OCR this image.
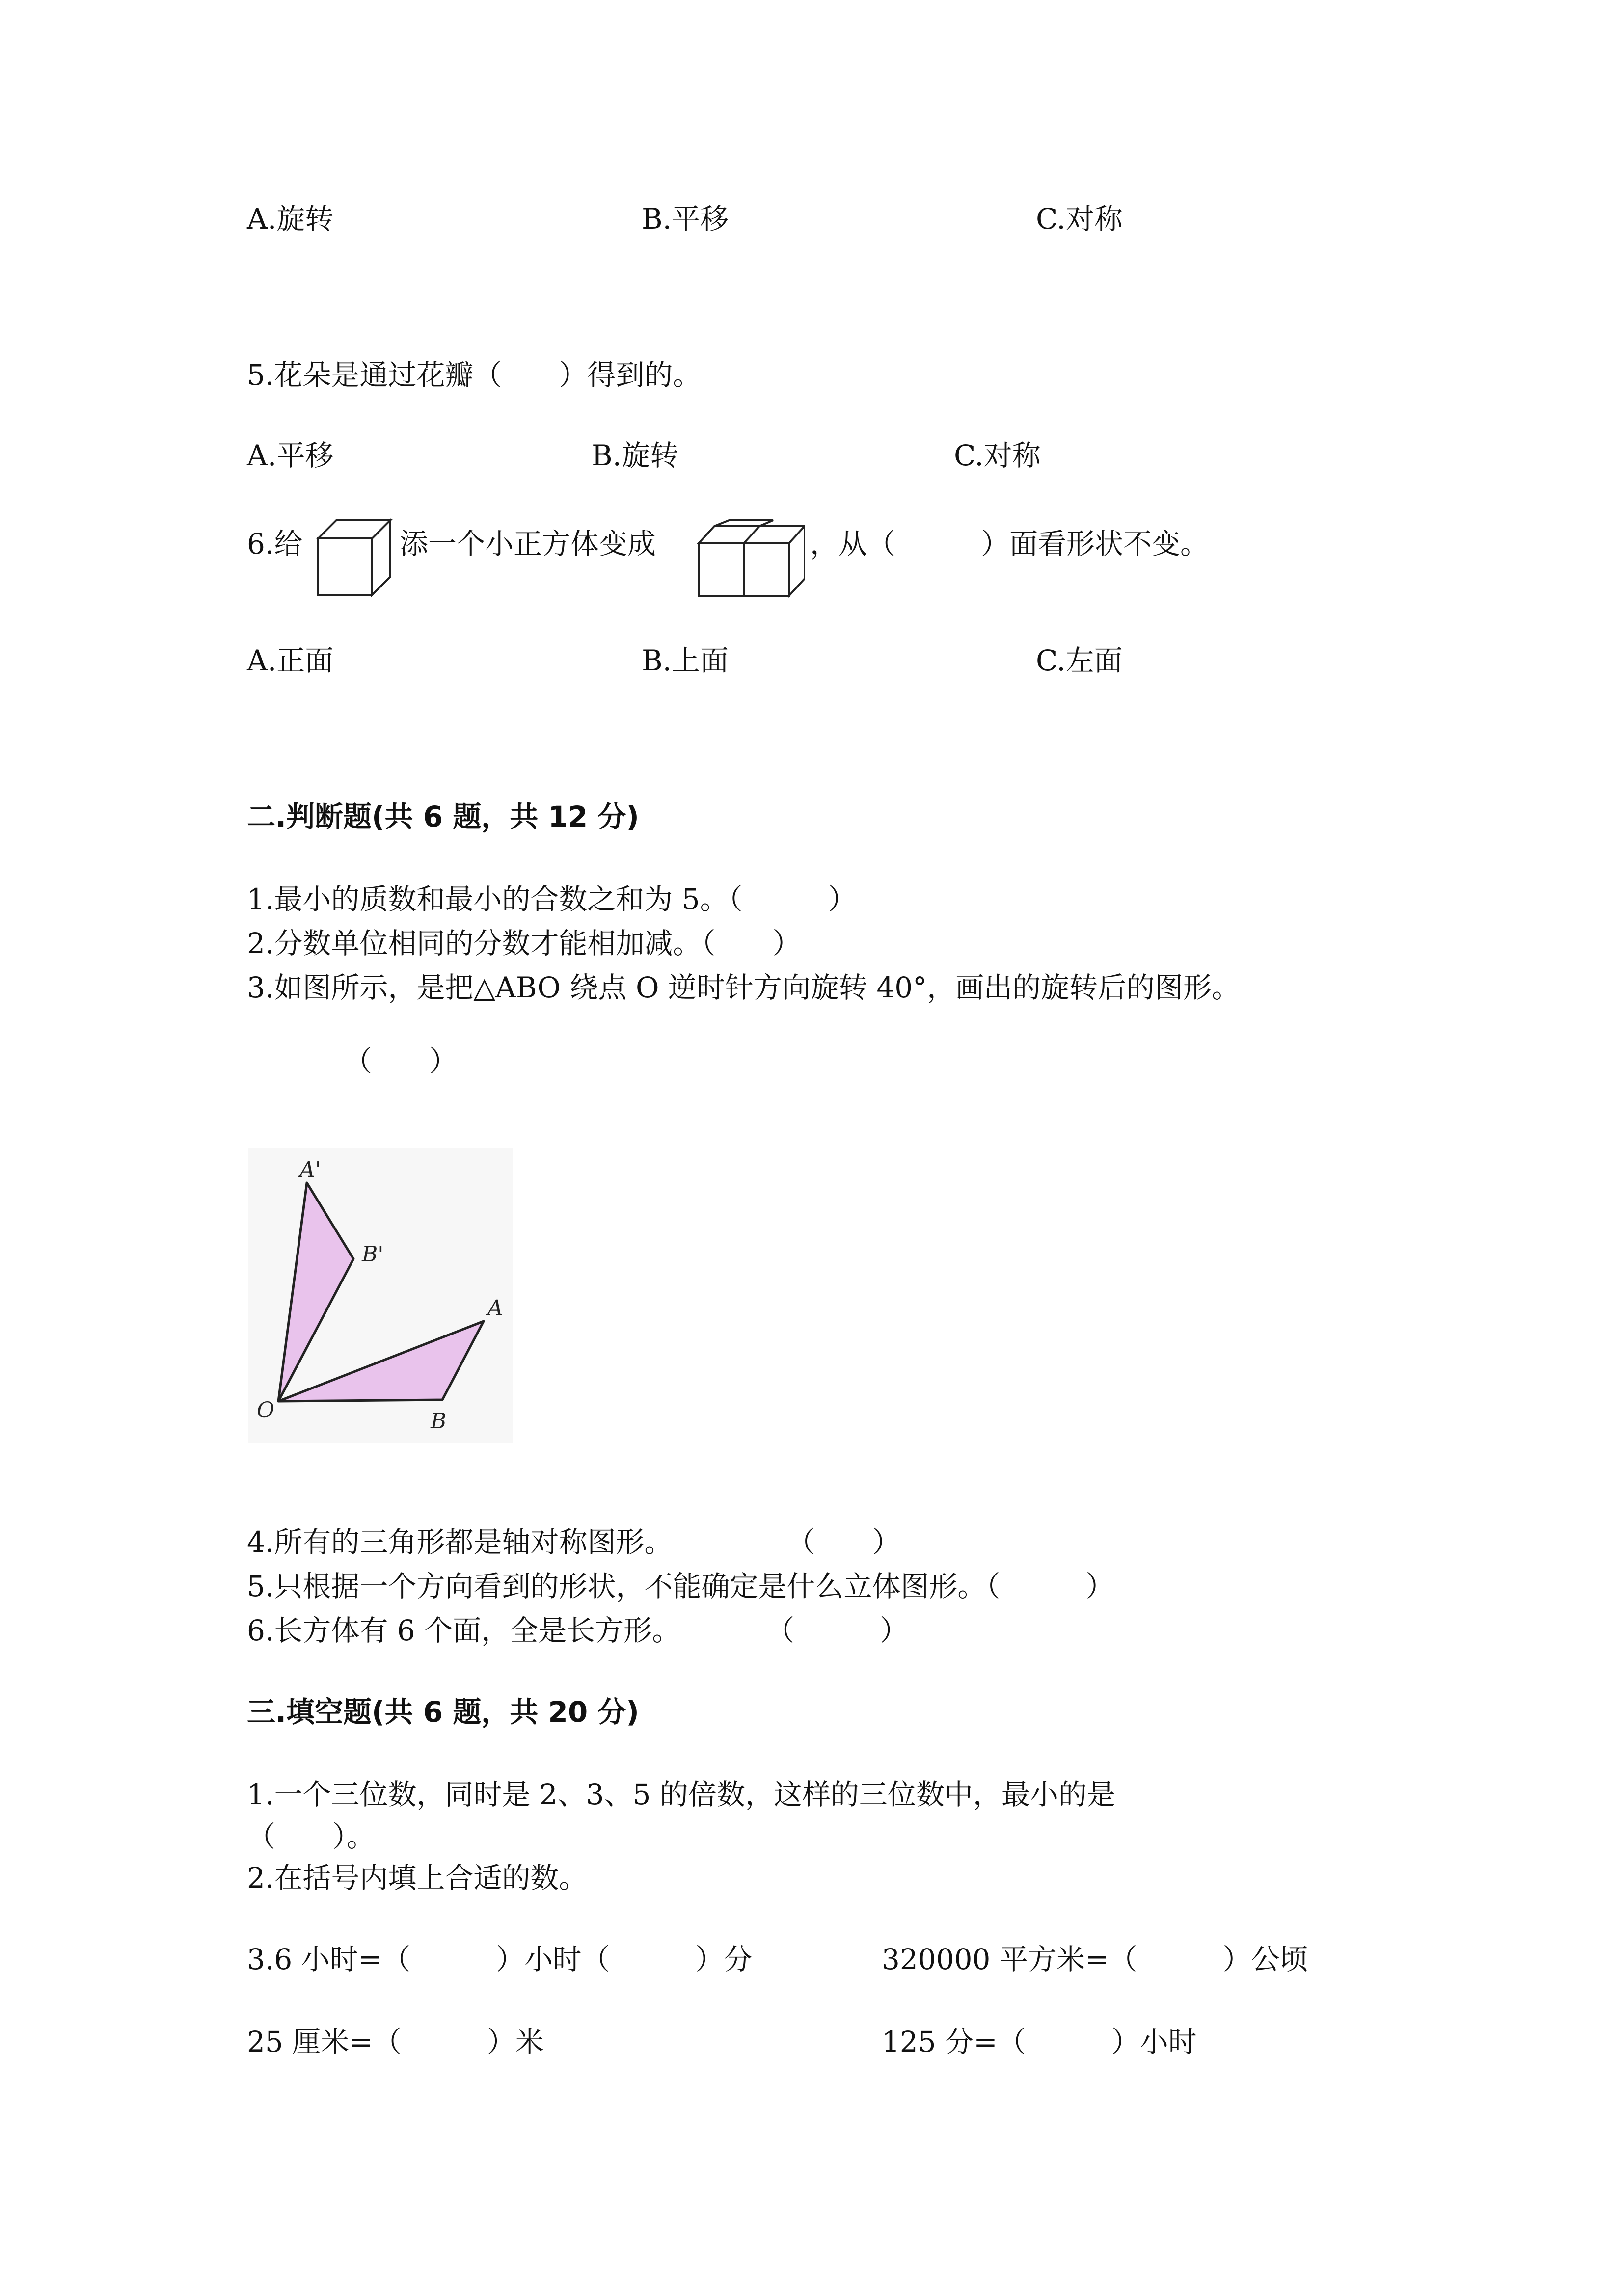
A.旋转	B.平移	C.对称
5.花朵是通过花瓣（　　）得到的。
A.平移	B.旋转	C.对称
6.给	添一个小正方体变成	，从（　　　）面看形状不变。
A.正面	B.上面	C.左面
二.判断题(共 6 题，共 12 分)
1.最小的质数和最小的合数之和为 5。（　　　）
2.分数单位相同的分数才能相加减。（　　）
3.如图所示，是把△ABO 绕点 O 逆时针方向旋转 40°，画出的旋转后的图形。
（　　）
A'
B'
A
B
O
4.所有的三角形都是轴对称图形。　　　　　（　　）
5.只根据一个方向看到的形状，不能确定是什么立体图形。（　　　）
6.长方体有 6 个面，全是长方形。　　　　（　　　）
三.填空题(共 6 题，共 20 分)
1.一个三位数，同时是 2、3、5 的倍数，这样的三位数中，最小的是
（　　）。
2.在括号内填上合适的数。
3.6 小时=（　　　）小时（　　　）分	320000 平方米=（　　　）公顷
25 厘米=（　　　）米	125 分=（　　　）小时
